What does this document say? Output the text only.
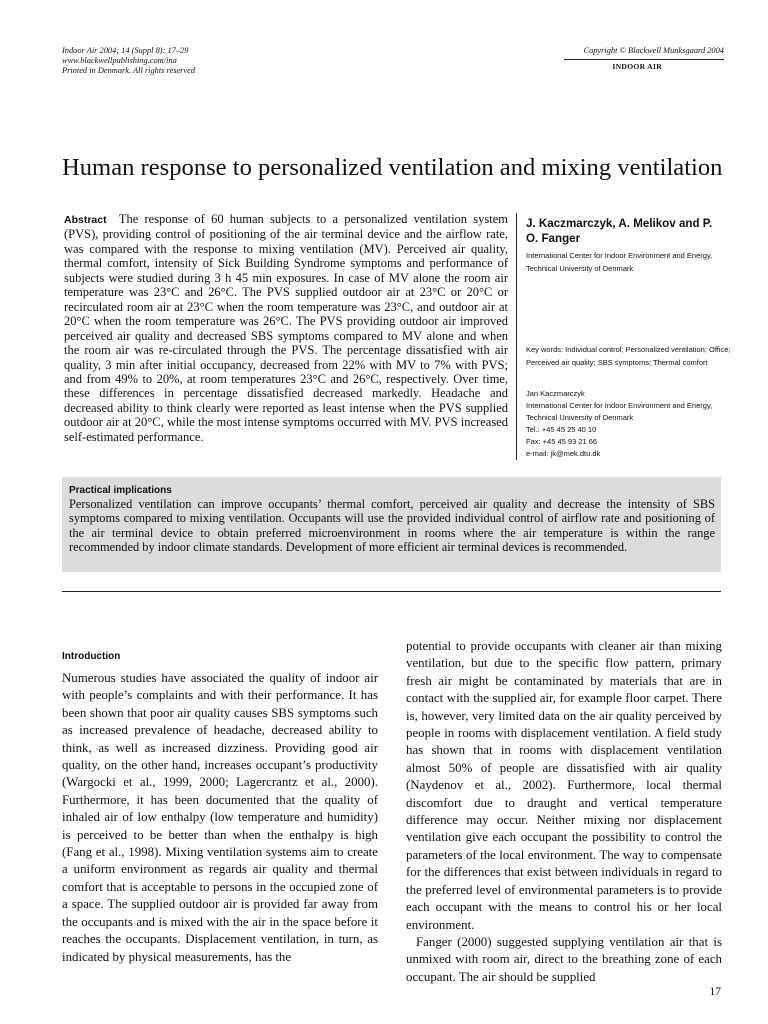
Indoor Air 2004; 14 (Suppl 8): 17–29
www.blackwellpublishing.com/ina
Printed in Denmark. All rights reserved
Copyright © Blackwell Munksgaard 2004
INDOOR AIR
Human response to personalized ventilation and mixing ventilation
Abstract The response of 60 human subjects to a personalized ventilation system (PVS), providing control of positioning of the air terminal device and the airflow rate, was compared with the response to mixing ventilation (MV). Perceived air quality, thermal comfort, intensity of Sick Building Syndrome symptoms and performance of subjects were studied during 3 h 45 min exposures. In case of MV alone the room air temperature was 23°C and 26°C. The PVS supplied outdoor air at 23°C or 20°C or recirculated room air at 23°C when the room temperature was 23°C, and outdoor air at 20°C when the room temperature was 26°C. The PVS providing outdoor air improved perceived air quality and decreased SBS symptoms compared to MV alone and when the room air was re-circulated through the PVS. The percentage dissatisfied with air quality, 3 min after initial occupancy, decreased from 22% with MV to 7% with PVS; and from 49% to 20%, at room temperatures 23°C and 26°C, respectively. Over time, these differences in percentage dissatisfied decreased markedly. Headache and decreased ability to think clearly were reported as least intense when the PVS supplied outdoor air at 20°C, while the most intense symptoms occurred with MV. PVS increased self-estimated performance.
J. Kaczmarczyk, A. Melikov and P. O. Fanger
International Center for Indoor Environment and Energy, Technical University of Denmark
Key words: Individual control; Personalized ventilation; Office; Perceived air quality; SBS symptoms; Thermal comfort
Jan Kaczmarczyk
International Center for Indoor Environment and Energy, Technical University of Denmark
Tel.: +45 45 25 40 10
Fax: +45 45 93 21 66
e-mail: jk@mek.dtu.dk
Practical implications
Personalized ventilation can improve occupants’ thermal comfort, perceived air quality and decrease the intensity of SBS symptoms compared to mixing ventilation. Occupants will use the provided individual control of airflow rate and positioning of the air terminal device to obtain preferred microenvironment in rooms where the air temperature is within the range recommended by indoor climate standards. Development of more efficient air terminal devices is recommended.
Introduction

Numerous studies have associated the quality of indoor air with people’s complaints and with their performance. It has been shown that poor air quality causes SBS symptoms such as increased prevalence of headache, decreased ability to think, as well as increased dizziness. Providing good air quality, on the other hand, increases occupant’s productivity (Wargocki et al., 1999, 2000; Lagercrantz et al., 2000). Furthermore, it has been documented that the quality of inhaled air of low enthalpy (low temperature and humidity) is perceived to be better than when the enthalpy is high (Fang et al., 1998). Mixing ventilation systems aim to create a uniform environment as regards air quality and thermal comfort that is acceptable to persons in the occupied zone of a space. The supplied outdoor air is provided far away from the occupants and is mixed with the air in the space before it reaches the occupants. Displacement ventilation, in turn, as indicated by physical measurements, has the

potential to provide occupants with cleaner air than mixing ventilation, but due to the specific flow pattern, primary fresh air might be contaminated by materials that are in contact with the supplied air, for example floor carpet. There is, however, very limited data on the air quality perceived by people in rooms with displacement ventilation. A field study has shown that in rooms with displacement ventilation almost 50% of people are dissatisfied with air quality (Naydenov et al., 2002). Furthermore, local thermal discomfort due to draught and vertical temperature difference may occur. Neither mixing nor displacement ventilation give each occupant the possibility to control the parameters of the local environment. The way to compensate for the differences that exist between individuals in regard to the preferred level of environmental parameters is to provide each occupant with the means to control his or her local environment.

Fanger (2000) suggested supplying ventilation air that is unmixed with room air, direct to the breathing zone of each occupant. The air should be supplied

17
